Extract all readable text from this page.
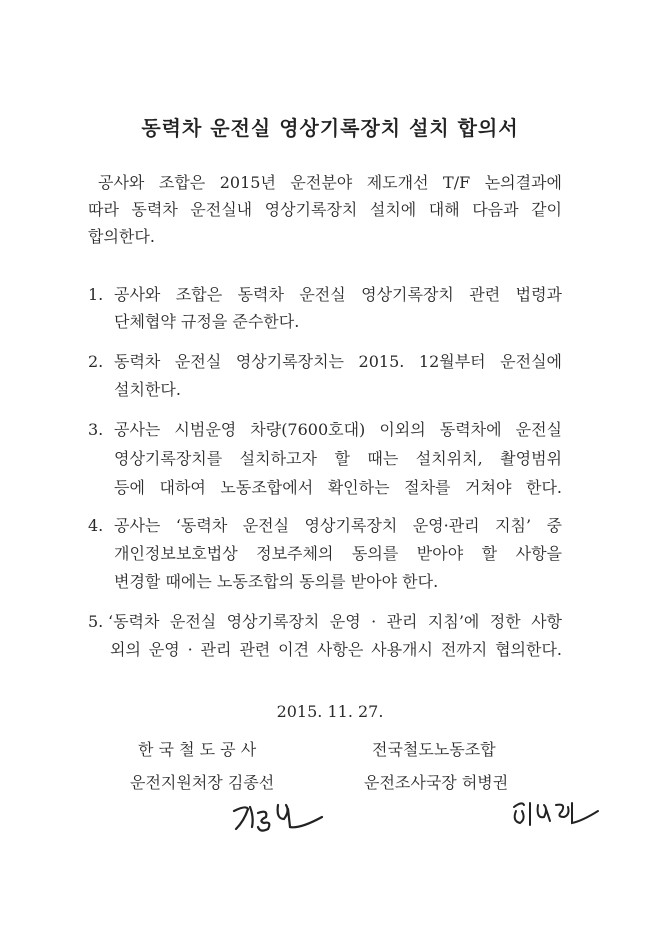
동력차 운전실 영상기록장치 설치 합의서
공사와 조합은 2015년 운전분야 제도개선 T/F 논의결과에
따라 동력차 운전실내 영상기록장치 설치에 대해 다음과 같이
합의한다.
1. 공사와 조합은 동력차 운전실 영상기록장치 관련 법령과
단체협약 규정을 준수한다.
2. 동력차 운전실 영상기록장치는 2015. 12월부터 운전실에
설치한다.
3. 공사는 시범운영 차량(7600호대) 이외의 동력차에 운전실
영상기록장치를 설치하고자 할 때는 설치위치, 촬영범위
등에 대하여 노동조합에서 확인하는 절차를 거쳐야 한다.
4. 공사는 ‘동력차 운전실 영상기록장치 운영·관리 지침’ 중
개인정보보호법상 정보주체의 동의를 받아야 할 사항을
변경할 때에는 노동조합의 동의를 받아야 한다.
5. ‘동력차 운전실 영상기록장치 운영 · 관리 지침’에 정한 사항
외의 운영 · 관리 관련 이견 사항은 사용개시 전까지 협의한다.
2015. 11. 27.
한 국 철 도 공 사	전국철도노동조합
운전지원처장 김종선	운전조사국장 허병권
